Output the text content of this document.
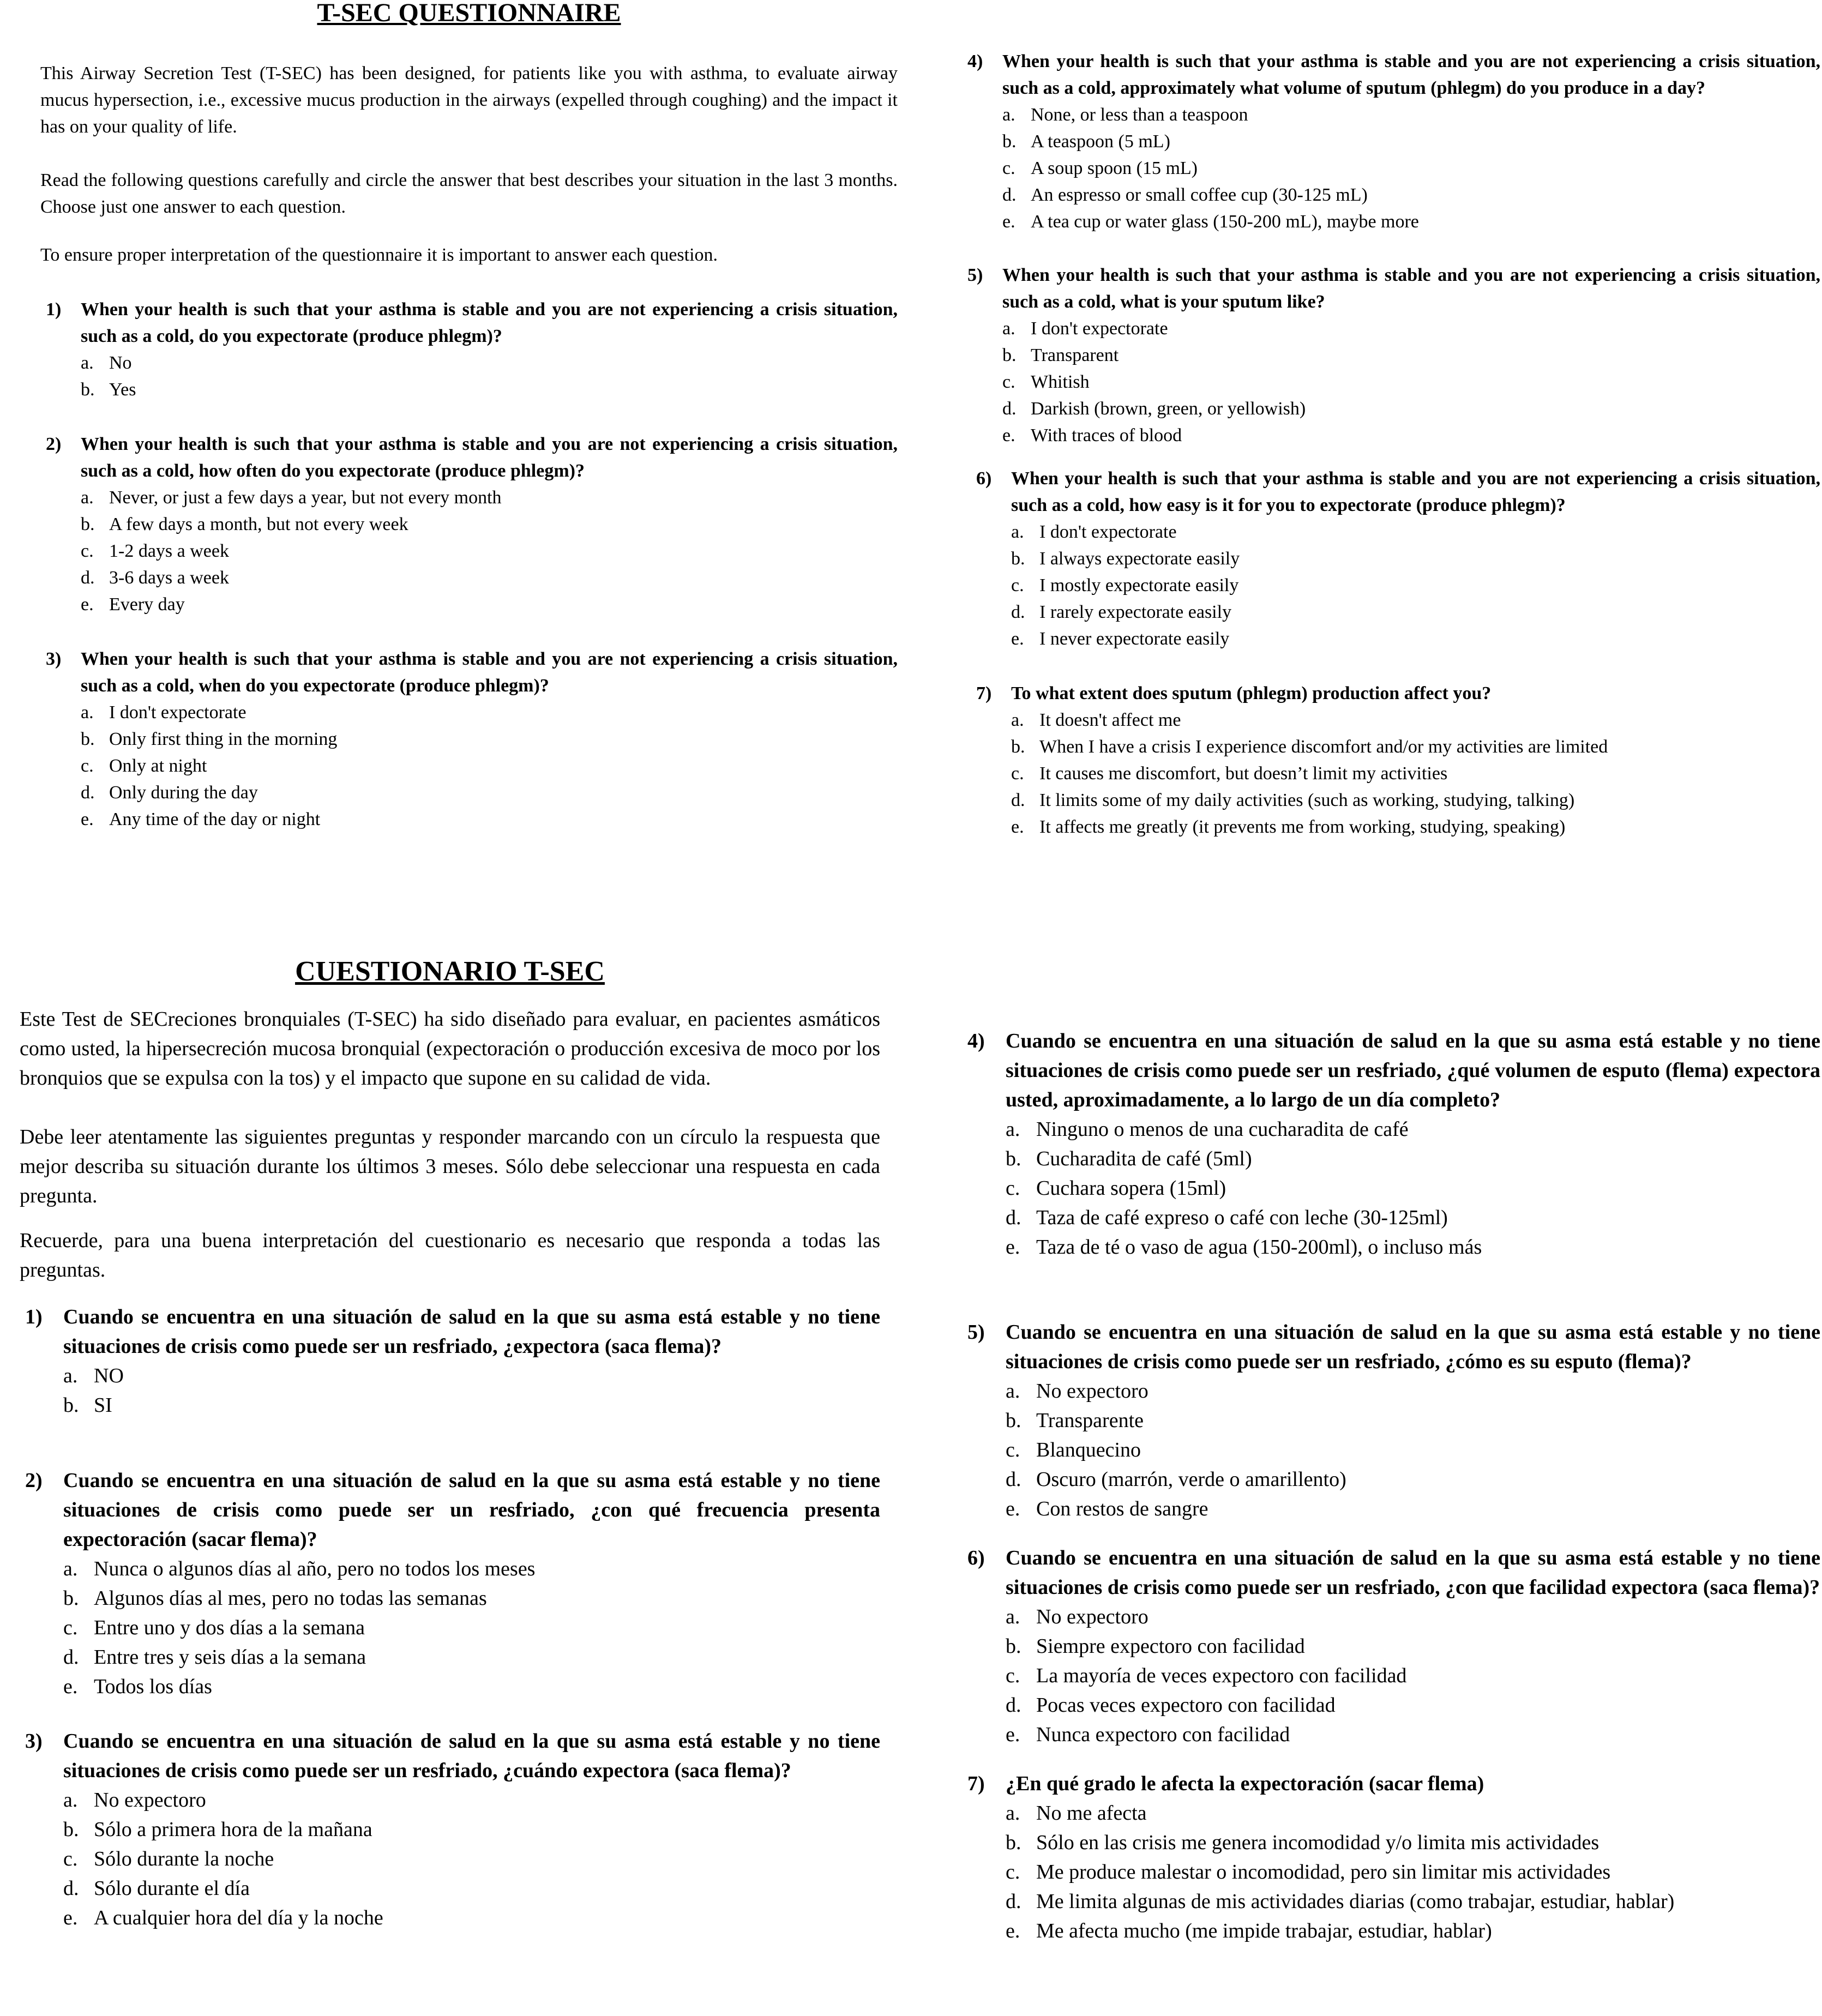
T-SEC QUESTIONNAIRE

This Airway Secretion Test (T-SEC) has been designed, for patients like you with asthma, to evaluate airway mucus hypersection, i.e., excessive mucus production in the airways (expelled through coughing) and the impact it has on your quality of life.

Read the following questions carefully and circle the answer that best describes your situation in the last 3 months. Choose just one answer to each question.

To ensure proper interpretation of the questionnaire it is important to answer each question.

1)	When your health is such that your asthma is stable and you are not experiencing a crisis situation, such as a cold, do you expectorate (produce phlegm)?
a. No
b. Yes
2)	When your health is such that your asthma is stable and you are not experiencing a crisis situation, such as a cold, how often do you expectorate (produce phlegm)?
a. Never, or just a few days a year, but not every month
b. A few days a month, but not every week
c. 1-2 days a week
d. 3-6 days a week
e. Every day
3)	When your health is such that your asthma is stable and you are not experiencing a crisis situation, such as a cold, when do you expectorate (produce phlegm)?
a. I don't expectorate
b. Only first thing in the morning
c. Only at night
d. Only during the day
e. Any time of the day or night
4)	When your health is such that your asthma is stable and you are not experiencing a crisis situation, such as a cold, approximately what volume of sputum (phlegm) do you produce in a day?
a. None, or less than a teaspoon
b. A teaspoon (5 mL)
c. A soup spoon (15 mL)
d. An espresso or small coffee cup (30-125 mL)
e. A tea cup or water glass (150-200 mL), maybe more
5)	When your health is such that your asthma is stable and you are not experiencing a crisis situation, such as a cold, what is your sputum like?
a. I don't expectorate
b. Transparent
c. Whitish
d. Darkish (brown, green, or yellowish)
e. With traces of blood
6)	When your health is such that your asthma is stable and you are not experiencing a crisis situation, such as a cold, how easy is it for you to expectorate (produce phlegm)?
a. I don't expectorate
b. I always expectorate easily
c. I mostly expectorate easily
d. I rarely expectorate easily
e. I never expectorate easily
7)	To what extent does sputum (phlegm) production affect you?
a. It doesn't affect me
b. When I have a crisis I experience discomfort and/or my activities are limited
c. It causes me discomfort, but doesn’t limit my activities
d. It limits some of my daily activities (such as working, studying, talking)
e. It affects me greatly (it prevents me from working, studying, speaking)
CUESTIONARIO T-SEC

Este Test de SECreciones bronquiales (T-SEC) ha sido diseñado para evaluar, en pacientes asmáticos como usted, la hipersecreción mucosa bronquial (expectoración o producción excesiva de moco por los bronquios que se expulsa con la tos) y el impacto que supone en su calidad de vida.

Debe leer atentamente las siguientes preguntas y responder marcando con un círculo la respuesta que mejor describa su situación durante los últimos 3 meses. Sólo debe seleccionar una respuesta en cada pregunta.

Recuerde, para una buena interpretación del cuestionario es necesario que responda a todas las preguntas.

1)	Cuando se encuentra en una situación de salud en la que su asma está estable y no tiene situaciones de crisis como puede ser un resfriado, ¿expectora (saca flema)?
a. NO
b. SI
2)	Cuando se encuentra en una situación de salud en la que su asma está estable y no tiene situaciones de crisis como puede ser un resfriado, ¿con qué frecuencia presenta expectoración (sacar flema)?
a. Nunca o algunos días al año, pero no todos los meses
b. Algunos días al mes, pero no todas las semanas
c. Entre uno y dos días a la semana
d. Entre tres y seis días a la semana
e. Todos los días
3)	Cuando se encuentra en una situación de salud en la que su asma está estable y no tiene situaciones de crisis como puede ser un resfriado, ¿cuándo expectora (saca flema)?
a. No expectoro
b. Sólo a primera hora de la mañana
c. Sólo durante la noche
d. Sólo durante el día
e. A cualquier hora del día y la noche
4)	Cuando se encuentra en una situación de salud en la que su asma está estable y no tiene situaciones de crisis como puede ser un resfriado, ¿qué volumen de esputo (flema) expectora usted, aproximadamente, a lo largo de un día completo?
a. Ninguno o menos de una cucharadita de café
b. Cucharadita de café (5ml)
c. Cuchara sopera (15ml)
d. Taza de café expreso o café con leche (30-125ml)
e. Taza de té o vaso de agua (150-200ml), o incluso más
5)	Cuando se encuentra en una situación de salud en la que su asma está estable y no tiene situaciones de crisis como puede ser un resfriado, ¿cómo es su esputo (flema)?
a. No expectoro
b. Transparente
c. Blanquecino
d. Oscuro (marrón, verde o amarillento)
e. Con restos de sangre
6)	Cuando se encuentra en una situación de salud en la que su asma está estable y no tiene situaciones de crisis como puede ser un resfriado, ¿con que facilidad expectora (saca flema)?
a. No expectoro
b. Siempre expectoro con facilidad
c. La mayoría de veces expectoro con facilidad
d. Pocas veces expectoro con facilidad
e. Nunca expectoro con facilidad
7)	¿En qué grado le afecta la expectoración (sacar flema)
a. No me afecta
b. Sólo en las crisis me genera incomodidad y/o limita mis actividades
c. Me produce malestar o incomodidad, pero sin limitar mis actividades
d. Me limita algunas de mis actividades diarias (como trabajar, estudiar, hablar)
e. Me afecta mucho (me impide trabajar, estudiar, hablar)
